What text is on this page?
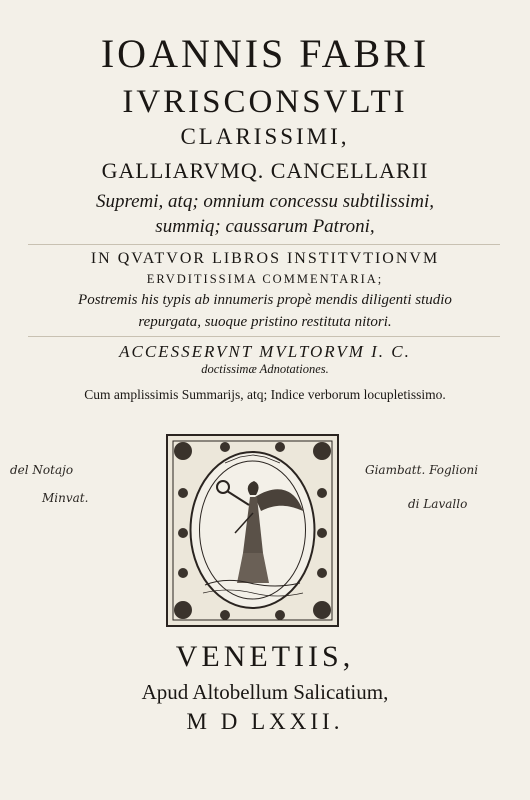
IOANNIS FABRI
IVRISCONSVLTI
CLARISSIMI,
GALLIARVMQ. CANCELLARII
Supremi, atq; omnium concessu subtilissimi,
summiq; caussarum Patroni,
IN QVATVOR LIBROS INSTITVTIONVM
ERVDITISSIMA COMMENTARIA;
Postremis his typis ab innumeris propè mendis diligenti studio
repurgata, suoque pristino restituta nitori.
ACCESSERVNT MVLTORVM I. C.
doctissimæ Adnotationes.
Cum amplissimis Summarijs, atq; Indice verborum locupletissimo.
del Notajo
Minvat.
Giambatt. Foglioni
di Lavallo
VENETIIS,
Apud Altobellum Salicatium,
M D LXXII.
